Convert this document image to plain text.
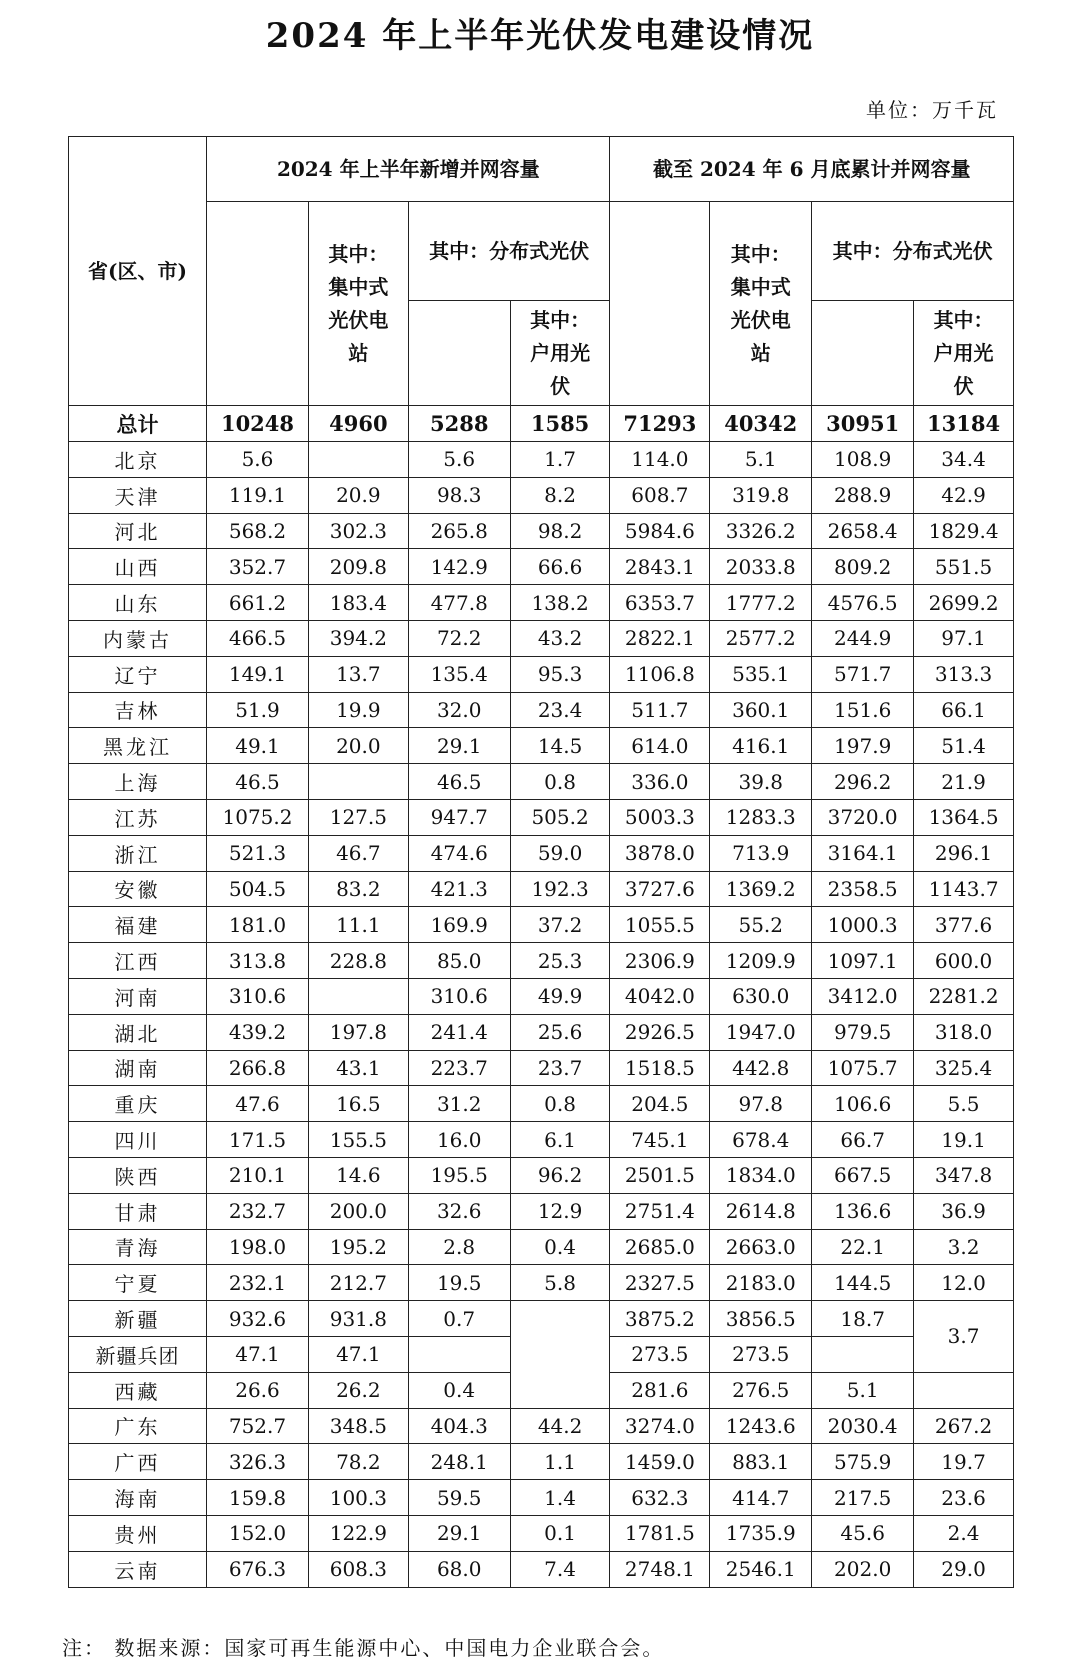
2024 年上半年光伏发电建设情况
单位：万千瓦
省(区、市)	2024 年上半年新增并网容量				截至 2024 年 6 月底累计并网容量			
		其中：集中式光伏电站	其中：分布式光伏			其中：集中式光伏电站	其中：分布式光伏	
				其中：户用光伏				其中：户用光伏
总计	10248	4960	5288	1585	71293	40342	30951	13184
北京	5.6		5.6	1.7	114.0	5.1	108.9	34.4
天津	119.1	20.9	98.3	8.2	608.7	319.8	288.9	42.9
河北	568.2	302.3	265.8	98.2	5984.6	3326.2	2658.4	1829.4
山西	352.7	209.8	142.9	66.6	2843.1	2033.8	809.2	551.5
山东	661.2	183.4	477.8	138.2	6353.7	1777.2	4576.5	2699.2
内蒙古	466.5	394.2	72.2	43.2	2822.1	2577.2	244.9	97.1
辽宁	149.1	13.7	135.4	95.3	1106.8	535.1	571.7	313.3
吉林	51.9	19.9	32.0	23.4	511.7	360.1	151.6	66.1
黑龙江	49.1	20.0	29.1	14.5	614.0	416.1	197.9	51.4
上海	46.5		46.5	0.8	336.0	39.8	296.2	21.9
江苏	1075.2	127.5	947.7	505.2	5003.3	1283.3	3720.0	1364.5
浙江	521.3	46.7	474.6	59.0	3878.0	713.9	3164.1	296.1
安徽	504.5	83.2	421.3	192.3	3727.6	1369.2	2358.5	1143.7
福建	181.0	11.1	169.9	37.2	1055.5	55.2	1000.3	377.6
江西	313.8	228.8	85.0	25.3	2306.9	1209.9	1097.1	600.0
河南	310.6		310.6	49.9	4042.0	630.0	3412.0	2281.2
湖北	439.2	197.8	241.4	25.6	2926.5	1947.0	979.5	318.0
湖南	266.8	43.1	223.7	23.7	1518.5	442.8	1075.7	325.4
重庆	47.6	16.5	31.2	0.8	204.5	97.8	106.6	5.5
四川	171.5	155.5	16.0	6.1	745.1	678.4	66.7	19.1
陕西	210.1	14.6	195.5	96.2	2501.5	1834.0	667.5	347.8
甘肃	232.7	200.0	32.6	12.9	2751.4	2614.8	136.6	36.9
青海	198.0	195.2	2.8	0.4	2685.0	2663.0	22.1	3.2
宁夏	232.1	212.7	19.5	5.8	2327.5	2183.0	144.5	12.0
新疆	932.6	931.8	0.7		3875.2	3856.5	18.7	3.7
新疆兵团	47.1	47.1			273.5	273.5		
西藏	26.6	26.2	0.4		281.6	276.5	5.1	
广东	752.7	348.5	404.3	44.2	3274.0	1243.6	2030.4	267.2
广西	326.3	78.2	248.1	1.1	1459.0	883.1	575.9	19.7
海南	159.8	100.3	59.5	1.4	632.3	414.7	217.5	23.6
贵州	152.0	122.9	29.1	0.1	1781.5	1735.9	45.6	2.4
云南	676.3	608.3	68.0	7.4	2748.1	2546.1	202.0	29.0
注： 数据来源：国家可再生能源中心、中国电力企业联合会。
